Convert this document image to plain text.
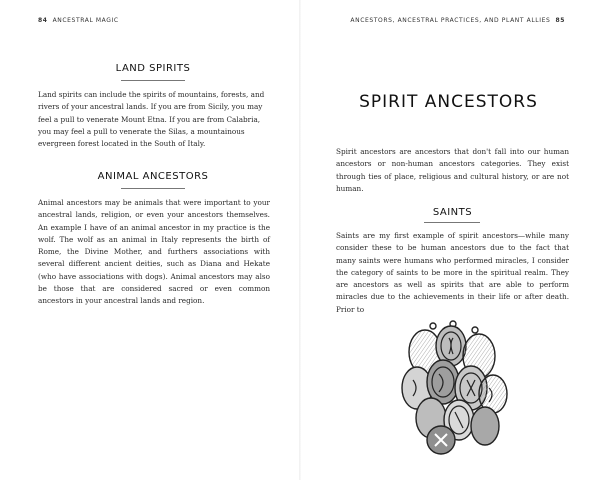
84 ANCESTRAL MAGIC
LAND SPIRITS

Land spirits can include the spirits of mountains, forests, and rivers of your ancestral lands. If you are from Sicily, you may feel a pull to venerate Mount Etna. If you are from Calabria, you may feel a pull to venerate the Silas, a mountainous evergreen forest located in the South of Italy.

ANIMAL ANCESTORS

Animal ancestors may be animals that were important to your ancestral lands, religion, or even your ancestors themselves. An example I have of an animal ancestor in my practice is the wolf. The wolf as an animal in Italy represents the birth of Rome, the Divine Mother, and furthers associations with several different ancient deities, such as Diana and Hekate (who have associations with dogs). Animal ancestors may also be those that are considered sacred or even common ancestors in your ancestral lands and region.

ANCESTORS, ANCESTRAL PRACTICES, AND PLANT ALLIES 85
SPIRIT ANCESTORS

Spirit ancestors are ancestors that don't fall into our human ancestors or non-human ancestors categories. They exist through ties of place, religious and cultural history, or are not human.

SAINTS

Saints are my first example of spirit ancestors—while many consider these to be human ancestors due to the fact that many saints were humans who performed miracles, I consider the category of saints to be more in the spiritual realm. They are ancestors as well as spirits that are able to perform miracles due to the achievements in their life or after death. Prior to
